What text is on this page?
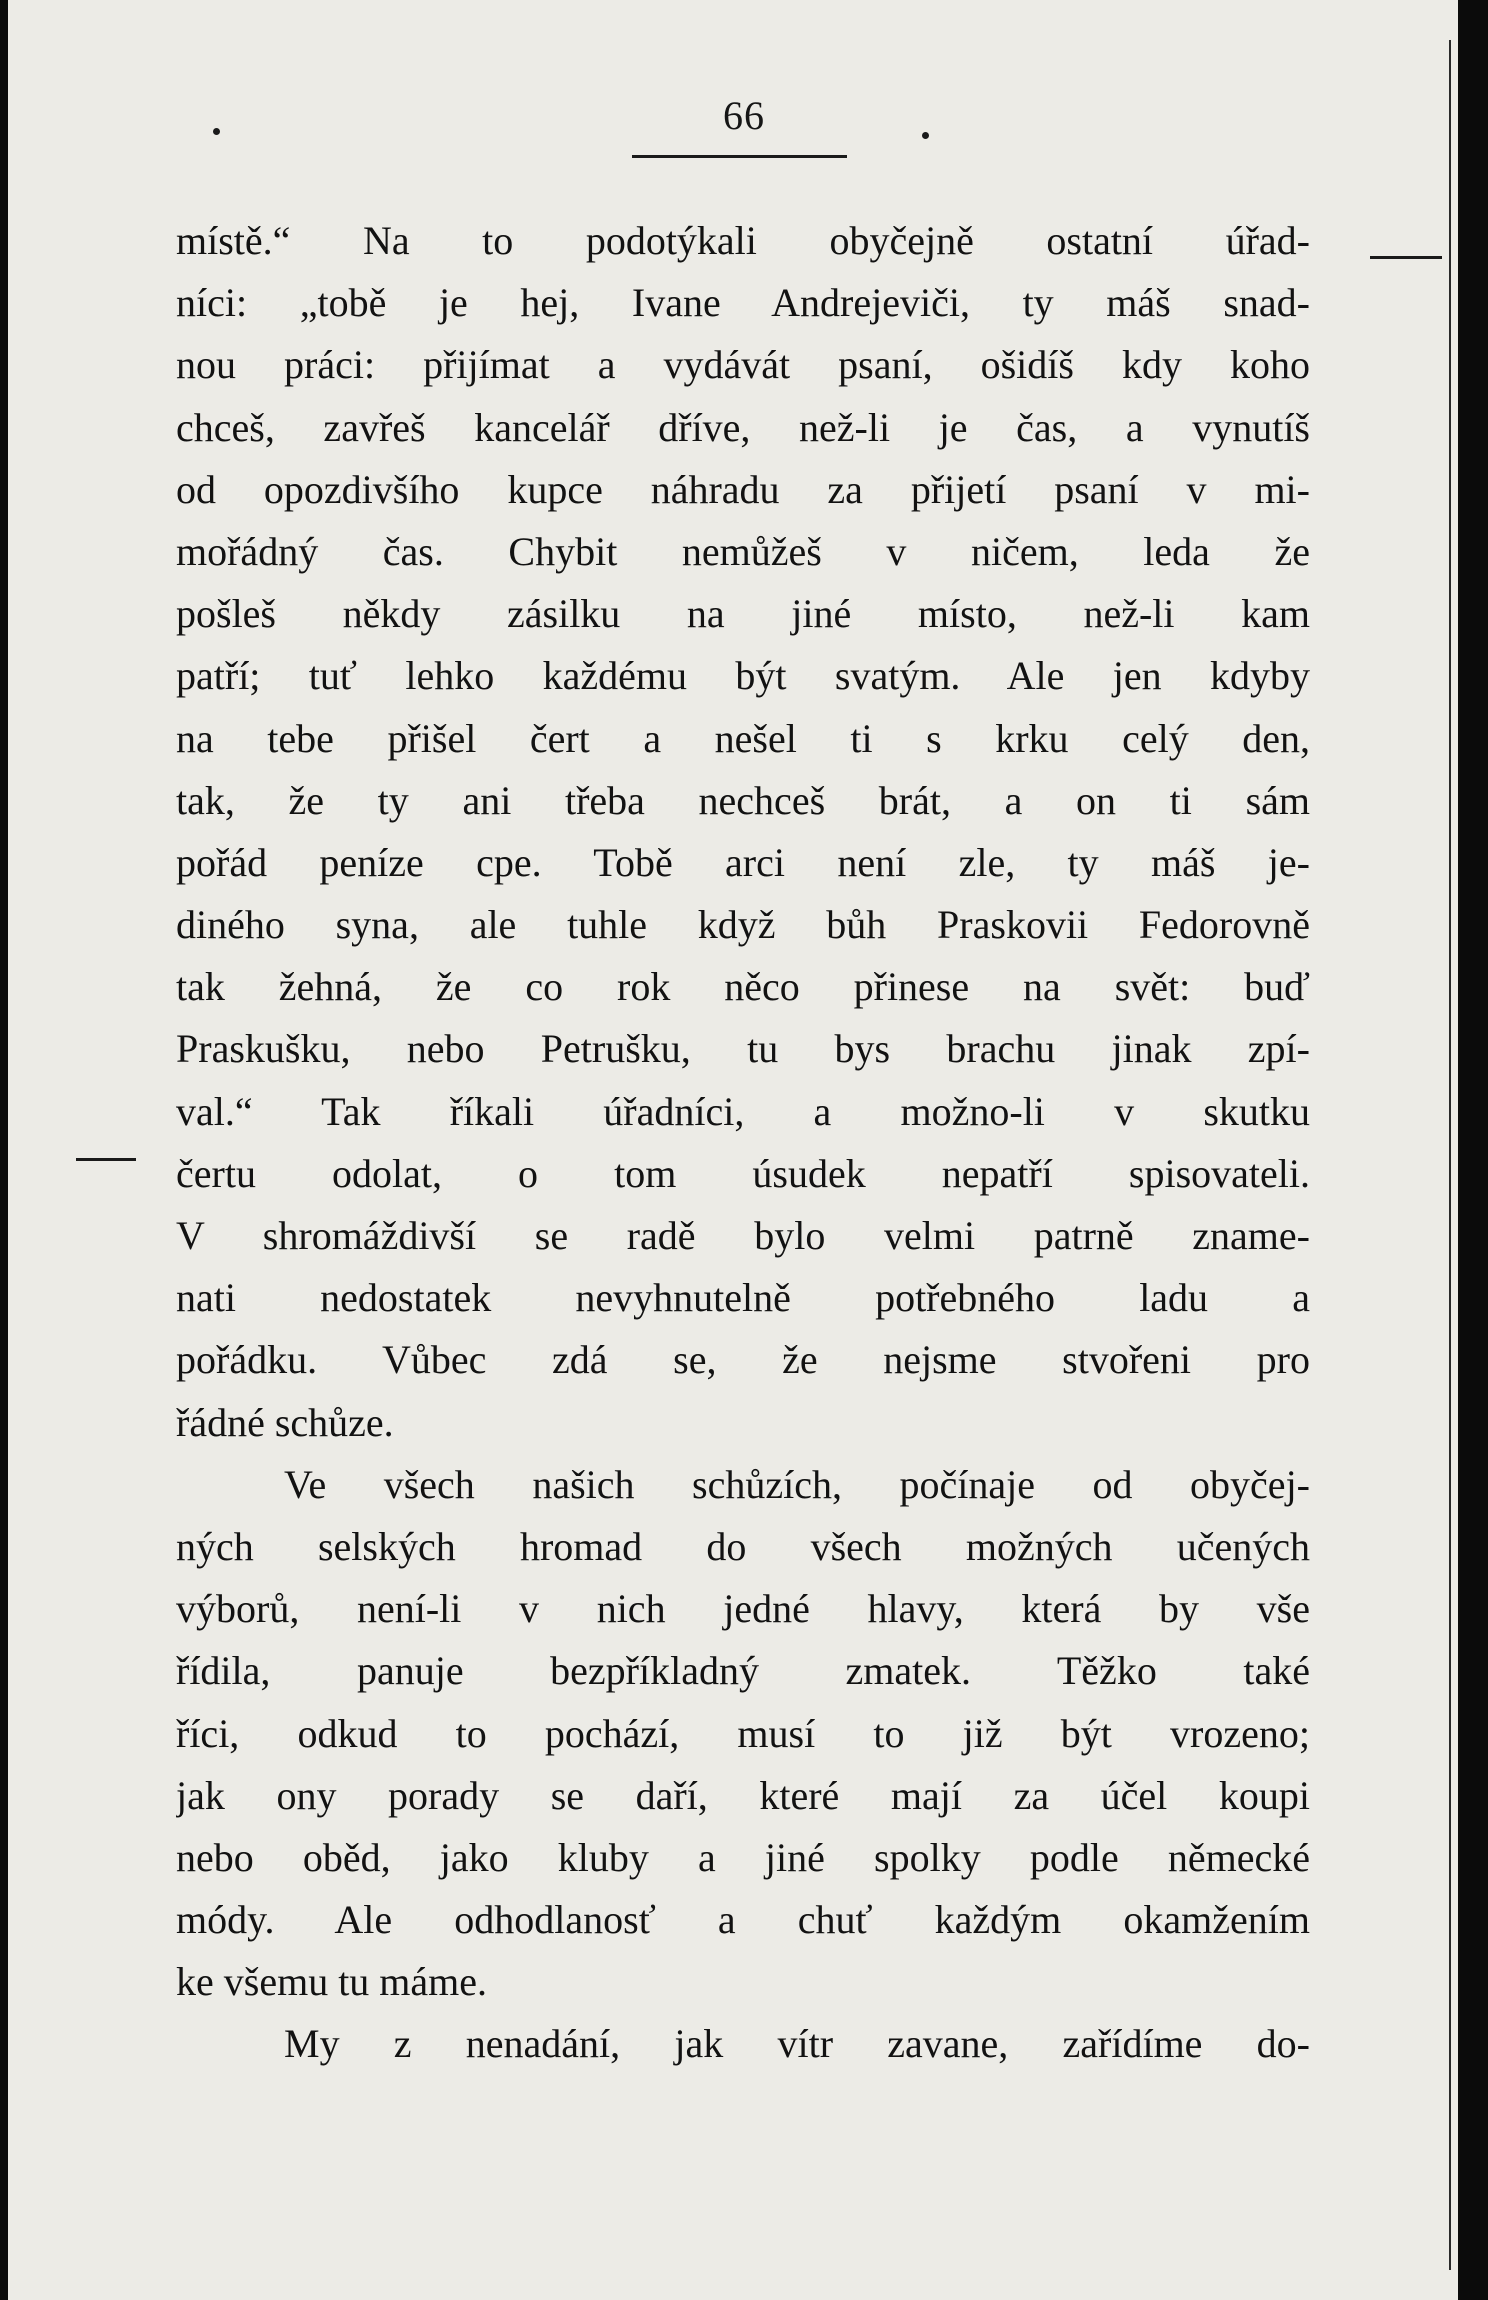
66
místě.“ Na to podotýkali obyčejně ostatní úřad-
níci: „tobě je hej, Ivane Andrejeviči, ty máš snad-
nou práci: přijímat a vydávát psaní, ošidíš kdy koho
chceš, zavřeš kancelář dříve, než-li je čas, a vynutíš
od opozdivšího kupce náhradu za přijetí psaní v mi-
mořádný čas. Chybit nemůžeš v ničem, leda že
pošleš někdy zásilku na jiné místo, než-li kam
patří; tuť lehko každému být svatým. Ale jen kdyby
na tebe přišel čert a nešel ti s krku celý den,
tak, že ty ani třeba nechceš brát, a on ti sám
pořád peníze cpe. Tobě arci není zle, ty máš je-
diného syna, ale tuhle když bůh Praskovii Fedorovně
tak žehná, že co rok něco přinese na svět: buď
Praskušku, nebo Petrušku, tu bys brachu jinak zpí-
val.“ Tak říkali úřadníci, a možno-li v skutku
čertu odolat, o tom úsudek nepatří spisovateli.
V shromáždivší se radě bylo velmi patrně zname-
nati nedostatek nevyhnutelně potřebného ladu a
pořádku. Vůbec zdá se, že nejsme stvořeni pro
řádné schůze.
Ve všech našich schůzích, počínaje od obyčej-
ných selských hromad do všech možných učených
výborů, není-li v nich jedné hlavy, která by vše
řídila, panuje bezpříkladný zmatek. Těžko také
říci, odkud to pochází, musí to již být vrozeno;
jak ony porady se daří, které mají za účel koupi
nebo oběd, jako kluby a jiné spolky podle německé
módy. Ale odhodlanosť a chuť každým okamžením
ke všemu tu máme.
My z nenadání, jak vítr zavane, zařídíme do-
